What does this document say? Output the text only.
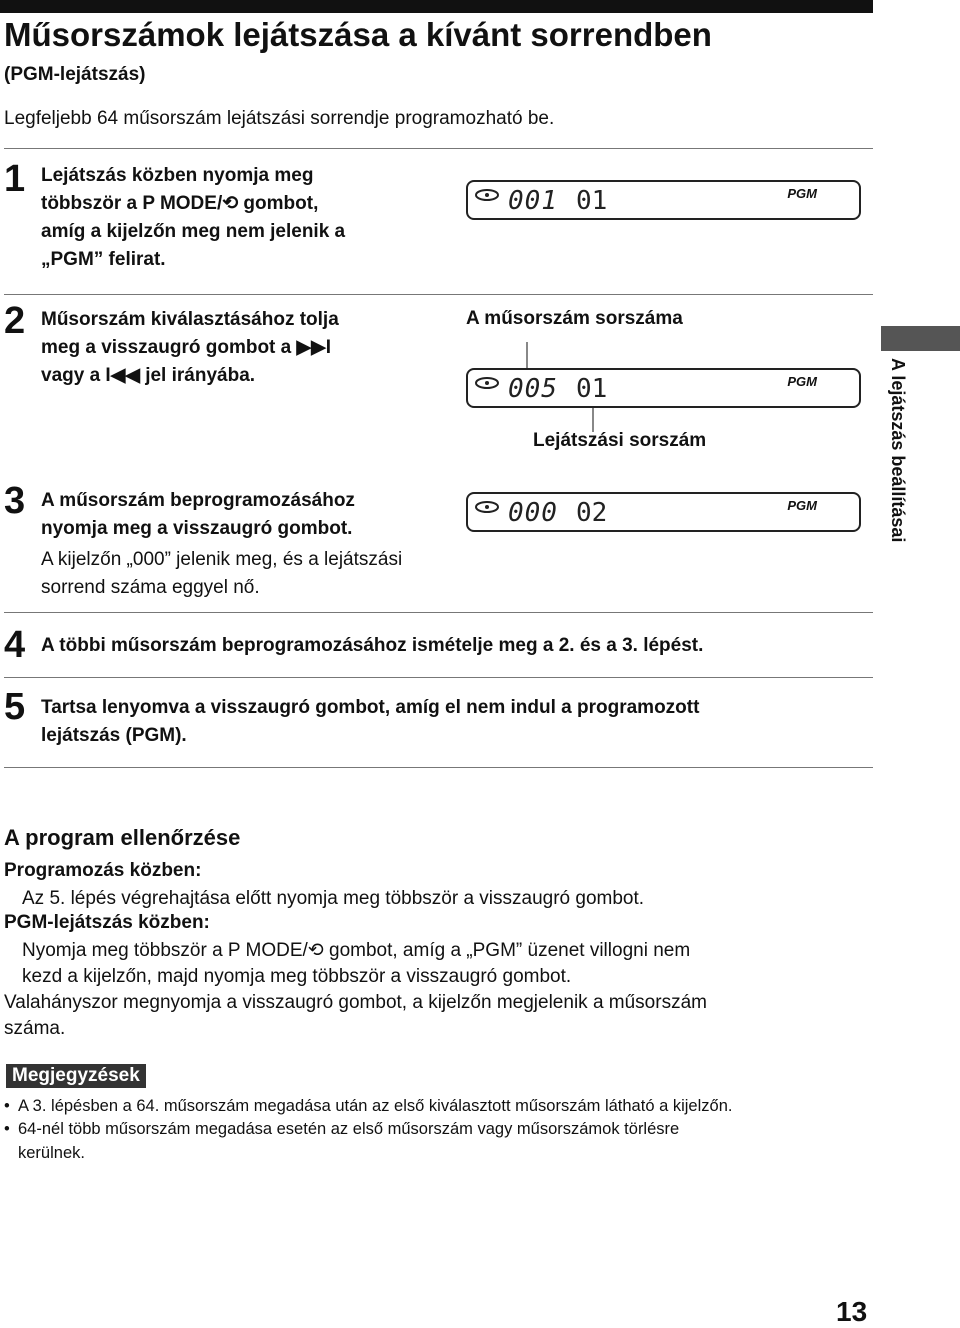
Műsorszámok lejátszása a kívánt sorrendben
(PGM-lejátszás)
Legfeljebb 64 műsorszám lejátszási sorrendje programozható be.
1 Lejátszás közben nyomja meg
többször a P MODE/⟲ gombot,
amíg a kijelzőn meg nem jelenik a
„PGM” felirat.
001 01	PGM
2 Műsorszám kiválasztásához tolja
meg a visszaugró gombot a ▶▶I
vagy a I◀◀ jel irányába.
A műsorszám sorszáma
005 01	PGM
Lejátszási sorszám
3 A műsorszám beprogramozásához
nyomja meg a visszaugró gombot.
A kijelzőn „000” jelenik meg, és a lejátszási
sorrend száma eggyel nő.
000 02	PGM
4 A többi műsorszám beprogramozásához ismételje meg a 2. és a 3. lépést.
5 Tartsa lenyomva a visszaugró gombot, amíg el nem indul a programozott
lejátszás (PGM).
A lejátszás beállításai
A program ellenőrzése
Programozás közben:
Az 5. lépés végrehajtása előtt nyomja meg többször a visszaugró gombot.
PGM-lejátszás közben:
Nyomja meg többször a P MODE/⟲ gombot, amíg a „PGM” üzenet villogni nem
kezd a kijelzőn, majd nyomja meg többször a visszaugró gombot.
Valahányszor megnyomja a visszaugró gombot, a kijelzőn megjelenik a műsorszám
száma.
Megjegyzések
• A 3. lépésben a 64. műsorszám megadása után az első kiválasztott műsorszám látható a kijelzőn.
• 64-nél több műsorszám megadása esetén az első műsorszám vagy műsorszámok törlésre
kerülnek.
13
